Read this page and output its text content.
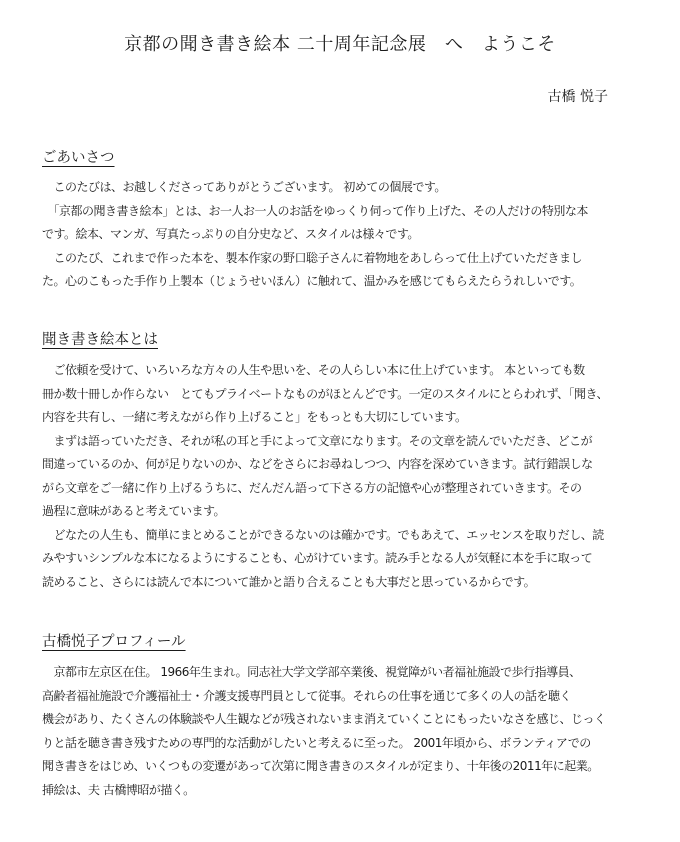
京都の聞き書き絵本 二十周年記念展　へ　ようこそ
古橋 悦子
ごあいさつ
　このたびは、お越しくださってありがとうございます。 初めての個展です。
　「京都の聞き書き絵本」とは、お一人お一人のお話をゆっくり伺って作り上げた、その人だけの特別な本
です。絵本、マンガ、写真たっぷりの自分史など、スタイルは様々です。
　このたび、これまで作った本を、製本作家の野口聡子さんに着物地をあしらって仕上げていただきまし
た。心のこもった手作り上製本（じょうせいほん）に触れて、温かみを感じてもらえたらうれしいです。
聞き書き絵本とは
　ご依頼を受けて、いろいろな方々の人生や思いを、その人らしい本に仕上げています。 本といっても数
冊か数十冊しか作らない　とてもプライベートなものがほとんどです。一定のスタイルにとらわれず、「聞き、
内容を共有し、一緒に考えながら作り上げること」をもっとも大切にしています。
　まずは語っていただき、それが私の耳と手によって文章になります。その文章を読んでいただき、どこが
間違っているのか、何が足りないのか、などをさらにお尋ねしつつ、内容を深めていきます。試行錯誤しな
がら文章をご一緒に作り上げるうちに、だんだん語って下さる方の記憶や心が整理されていきます。その
過程に意味があると考えています。
　どなたの人生も、簡単にまとめることができるないのは確かです。でもあえて、エッセンスを取りだし、読
みやすいシンプルな本になるようにすることも、心がけています。読み手となる人が気軽に本を手に取って
読めること、さらには読んで本について誰かと語り合えることも大事だと思っているからです。
古橋悦子プロフィール
　京都市左京区在住。 1966年生まれ。同志社大学文学部卒業後、視覚障がい者福祉施設で歩行指導員、
高齢者福祉施設で介護福祉士・介護支援専門員として従事。それらの仕事を通じて多くの人の話を聴く
機会があり、たくさんの体験談や人生観などが残されないまま消えていくことにもったいなさを感じ、じっく
りと話を聴き書き残すための専門的な活動がしたいと考えるに至った。 2001年頃から、ボランティアでの
聞き書きをはじめ、いくつもの変遷があって次第に聞き書きのスタイルが定まり、十年後の2011年に起業。
挿絵は、夫 古橋博昭が描く。
